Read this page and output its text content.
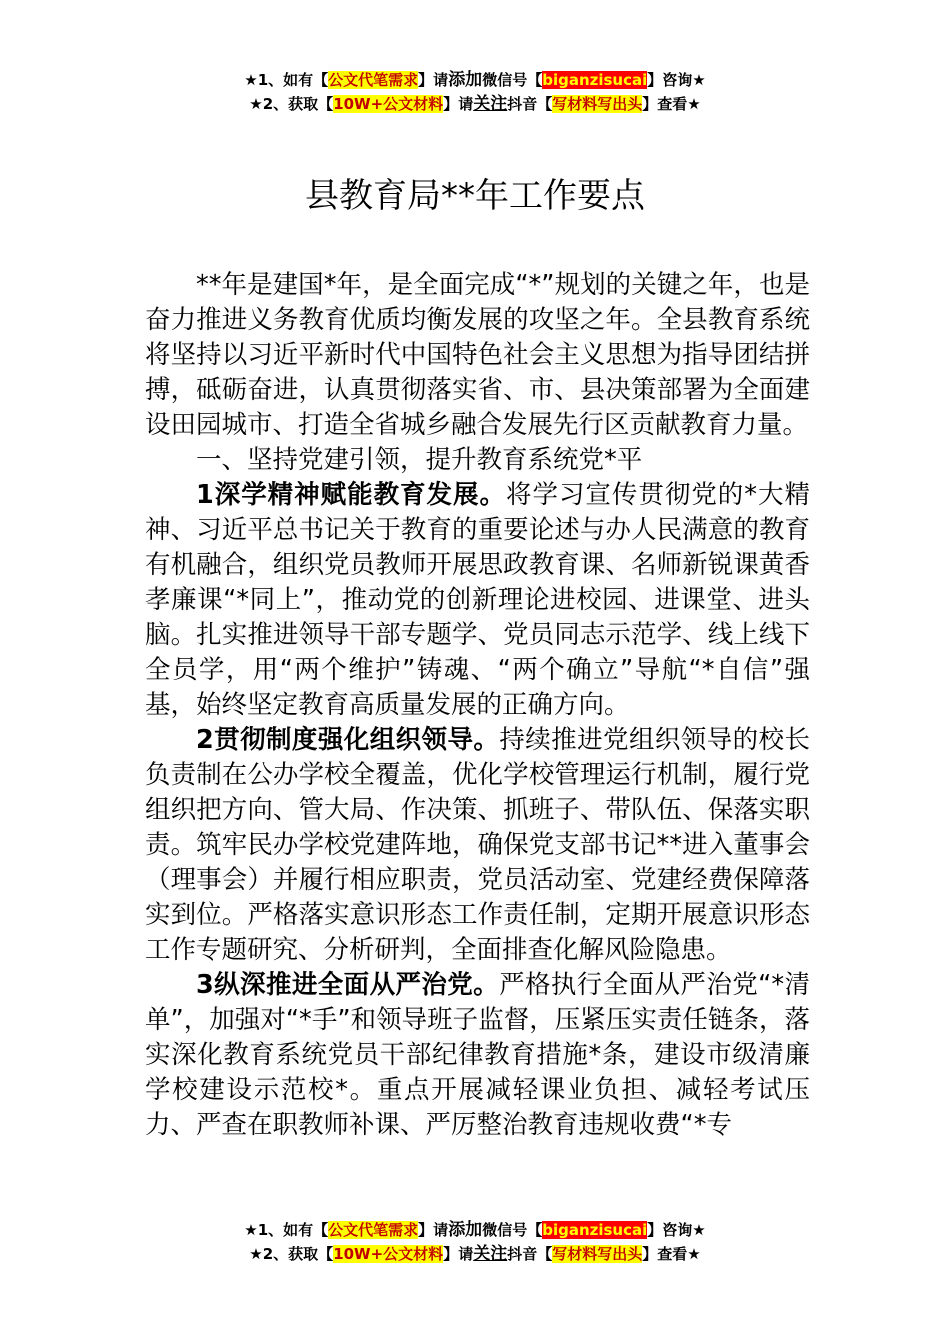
★1、如有【公文代笔需求】请添加微信号【biganzisucai】咨询★
★2、获取【10W+公文材料】请关注抖音【写材料写出头】查看★
县教育局**年工作要点

**年是建国*年，是全面完成“*”规划的关键之年，也是奋力推进义务教育优质均衡发展的攻坚之年。全县教育系统将坚持以习近平新时代中国特色社会主义思想为指导团结拼搏，砥砺奋进，认真贯彻落实省、市、县决策部署为全面建设田园城市、打造全省城乡融合发展先行区贡献教育力量。

一、坚持党建引领，提升教育系统党*平

1深学精神赋能教育发展。将学习宣传贯彻党的*大精神、习近平总书记关于教育的重要论述与办人民满意的教育有机融合，组织党员教师开展思政教育课、名师新锐课黄香孝廉课“*同上”，推动党的创新理论进校园、进课堂、进头脑。扎实推进领导干部专题学、党员同志示范学、线上线下全员学，用“两个维护”铸魂、“两个确立”导航“*自信”强基，始终坚定教育高质量发展的正确方向。

2贯彻制度强化组织领导。持续推进党组织领导的校长负责制在公办学校全覆盖，优化学校管理运行机制，履行党组织把方向、管大局、作决策、抓班子、带队伍、保落实职责。筑牢民办学校党建阵地，确保党支部书记**进入董事会（理事会）并履行相应职责，党员活动室、党建经费保障落实到位。严格落实意识形态工作责任制，定期开展意识形态工作专题研究、分析研判，全面排查化解风险隐患。

3纵深推进全面从严治党。严格执行全面从严治党“*清单”，加强对“*手”和领导班子监督，压紧压实责任链条，落实深化教育系统党员干部纪律教育措施*条，建设市级清廉学校建设示范校*。重点开展减轻课业负担、减轻考试压力、严查在职教师补课、严厉整治教育违规收费“*专

★1、如有【公文代笔需求】请添加微信号【biganzisucai】咨询★
★2、获取【10W+公文材料】请关注抖音【写材料写出头】查看★
